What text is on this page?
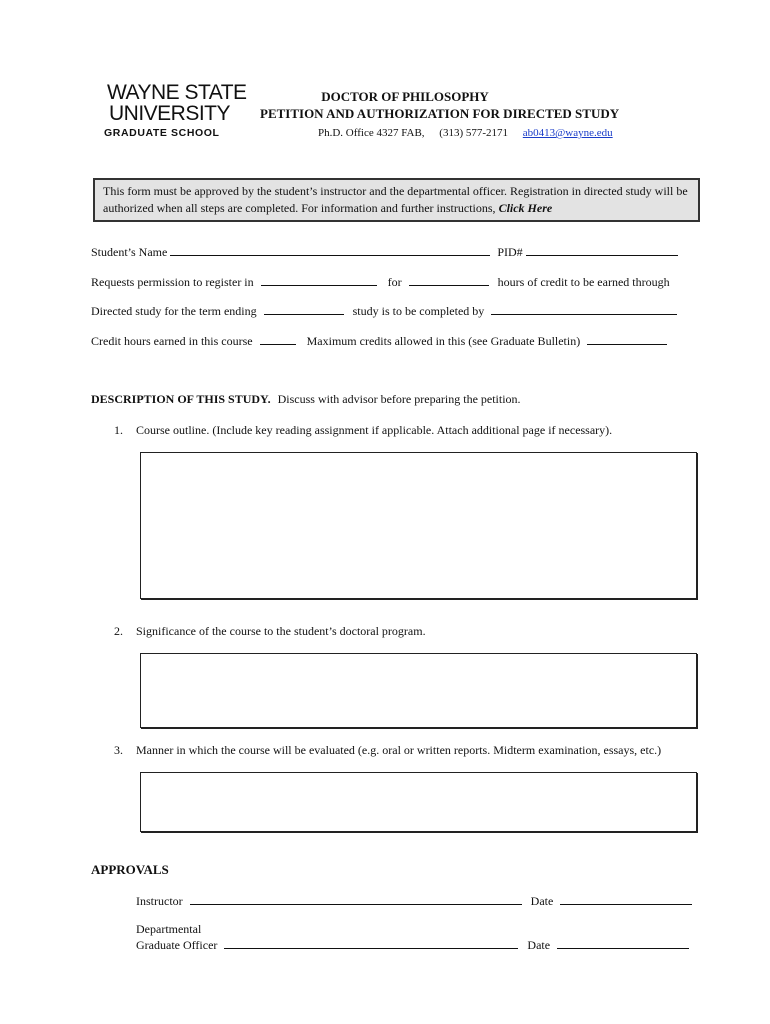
WAYNE STATE
UNIVERSITY
GRADUATE SCHOOL
DOCTOR OF PHILOSOPHY
PETITION AND AUTHORIZATION FOR DIRECTED STUDY
Ph.D. Office 4327 FAB, (313) 577-2171 ab0413@wayne.edu
This form must be approved by the student’s instructor and the departmental officer. Registration in directed study will be authorized when all steps are completed. For information and further instructions, Click Here
Student’s Name	PID#
Requests permission to register in	for	hours of credit to be earned through
Directed study for the term ending	study is to be completed by
Credit hours earned in this course	Maximum credits allowed in this (see Graduate Bulletin)
DESCRIPTION OF THIS STUDY. Discuss with advisor before preparing the petition.
1. Course outline. (Include key reading assignment if applicable. Attach additional page if necessary).
2. Significance of the course to the student’s doctoral program.
3. Manner in which the course will be evaluated (e.g. oral or written reports. Midterm examination, essays, etc.)
APPROVALS
Instructor	Date
Departmental
Graduate Officer	Date
